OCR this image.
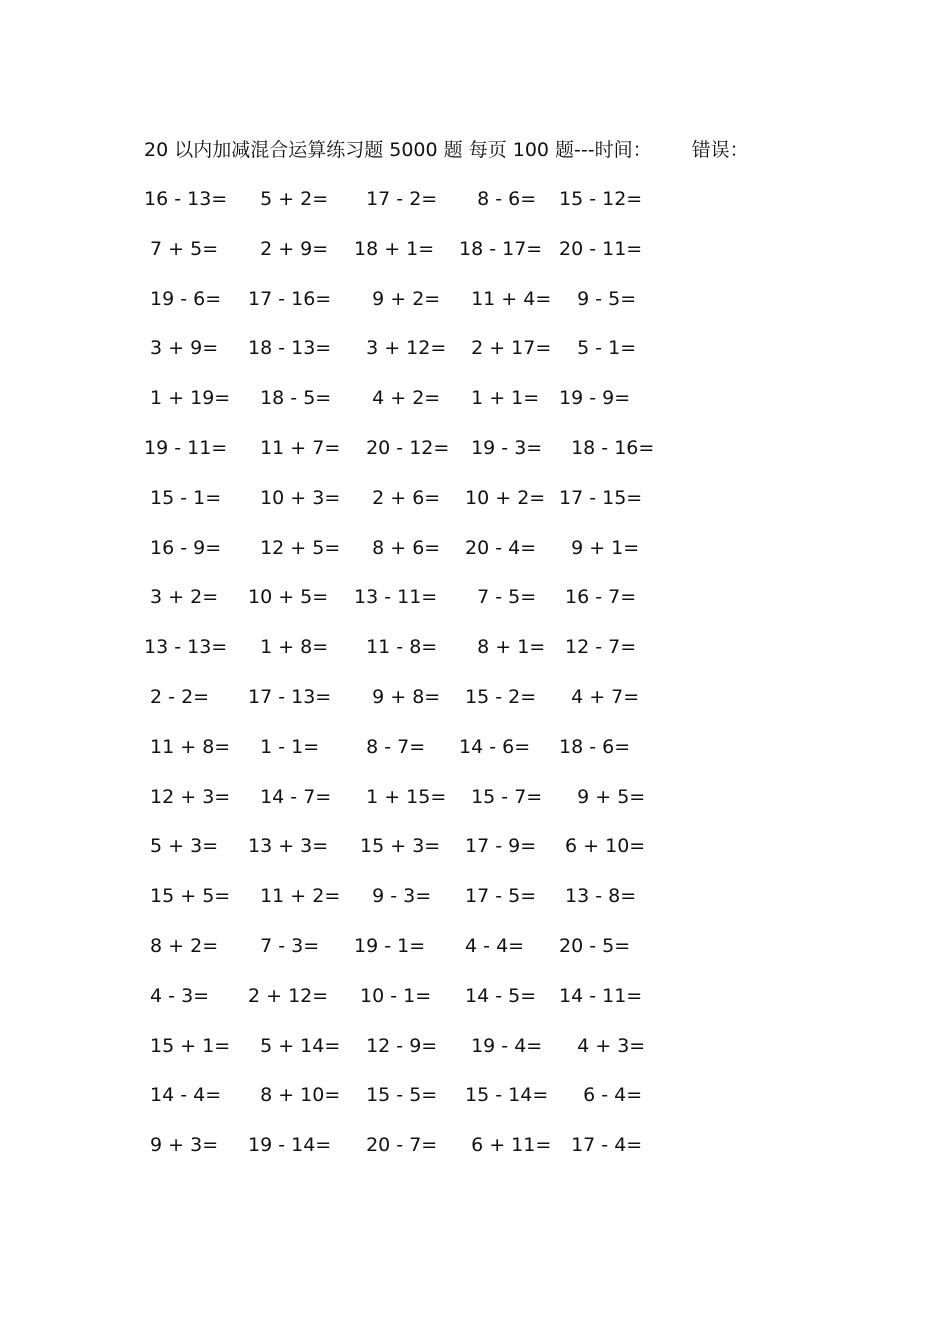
20 以内加减混合运算练习题 5000 题 每页 100 题---时间： 错误：
16 - 13= 5 + 2= 17 - 2= 8 - 6= 15 - 12=
7 + 5= 2 + 9= 18 + 1= 18 - 17= 20 - 11=
19 - 6= 17 - 16= 9 + 2= 11 + 4= 9 - 5=
3 + 9= 18 - 13= 3 + 12= 2 + 17= 5 - 1=
1 + 19= 18 - 5= 4 + 2= 1 + 1= 19 - 9=
19 - 11= 11 + 7= 20 - 12= 19 - 3= 18 - 16=
15 - 1= 10 + 3= 2 + 6= 10 + 2= 17 - 15=
16 - 9= 12 + 5= 8 + 6= 20 - 4= 9 + 1=
3 + 2= 10 + 5= 13 - 11= 7 - 5= 16 - 7=
13 - 13= 1 + 8= 11 - 8= 8 + 1= 12 - 7=
2 - 2= 17 - 13= 9 + 8= 15 - 2= 4 + 7=
11 + 8= 1 - 1= 8 - 7= 14 - 6= 18 - 6=
12 + 3= 14 - 7= 1 + 15= 15 - 7= 9 + 5=
5 + 3= 13 + 3= 15 + 3= 17 - 9= 6 + 10=
15 + 5= 11 + 2= 9 - 3= 17 - 5= 13 - 8=
8 + 2= 7 - 3= 19 - 1= 4 - 4= 20 - 5=
4 - 3= 2 + 12= 10 - 1= 14 - 5= 14 - 11=
15 + 1= 5 + 14= 12 - 9= 19 - 4= 4 + 3=
14 - 4= 8 + 10= 15 - 5= 15 - 14= 6 - 4=
9 + 3= 19 - 14= 20 - 7= 6 + 11= 17 - 4=
